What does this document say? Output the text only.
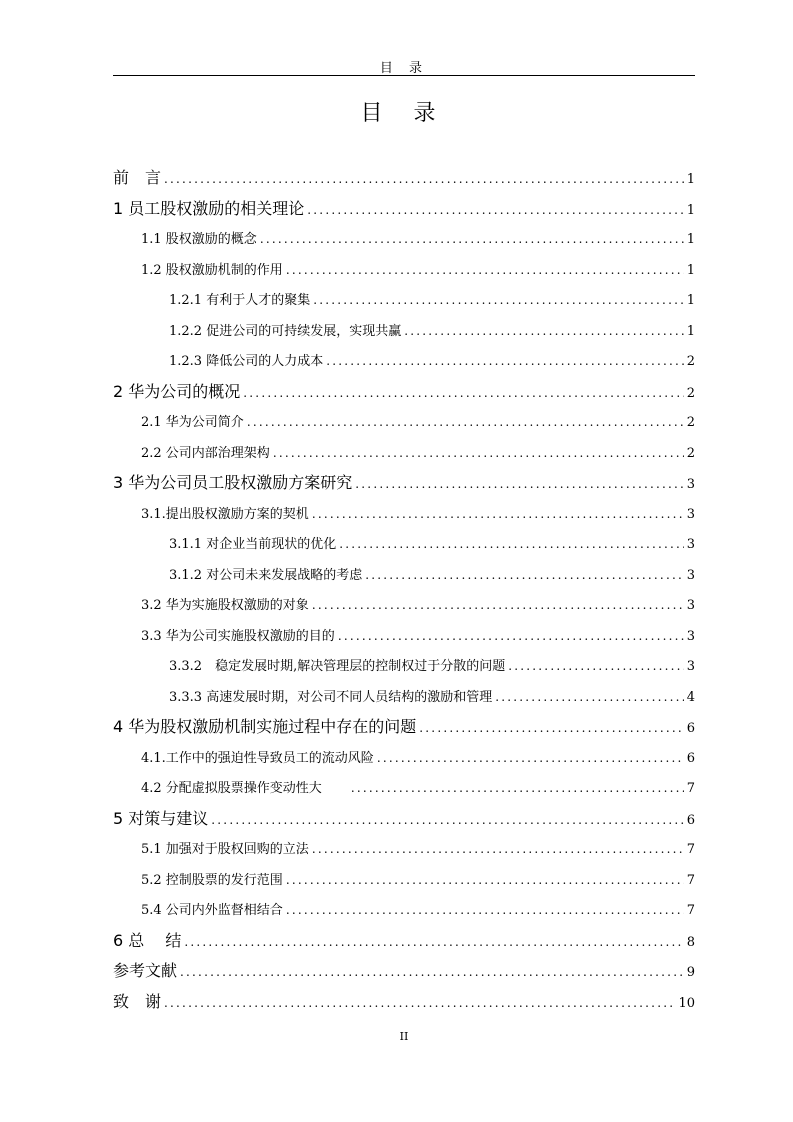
目 录
目 录
前　言 .....	1
1 员工股权激励的相关理论 .....	1
1.1 股权激励的概念 .....	1
1.2 股权激励机制的作用 .....	1
1.2.1 有利于人才的聚集 .....	1
1.2.2 促进公司的可持续发展，实现共赢 .....	1
1.2.3 降低公司的人力成本 .....	2
2 华为公司的概况 .....	2
2.1 华为公司简介 .....	2
2.2 公司内部治理架构 .....	2
3 华为公司员工股权激励方案研究 .....	3
3.1.提出股权激励方案的契机 .....	3
3.1.1 对企业当前现状的优化 .....	3
3.1.2 对公司未来发展战略的考虑 .....	3
3.2 华为实施股权激励的对象 .....	3
3.3 华为公司实施股权激励的目的 .....	3
3.3.2　稳定发展时期,解决管理层的控制权过于分散的问题 .....	3
3.3.3 高速发展时期，对公司不同人员结构的激励和管理 .....	4
4 华为股权激励机制实施过程中存在的问题 .....	6
4.1.工作中的强迫性导致员工的流动风险 .....	6
4.2 分配虚拟股票操作变动性大　　 .....	7
5 对策与建议 .....	6
5.1 加强对于股权回购的立法 .....	7
5.2 控制股票的发行范围 .....	7
5.4 公司内外监督相结合 .....	7
6 总　 结 .....	8
参考文献 .....	9
致　谢 .....	10
II
